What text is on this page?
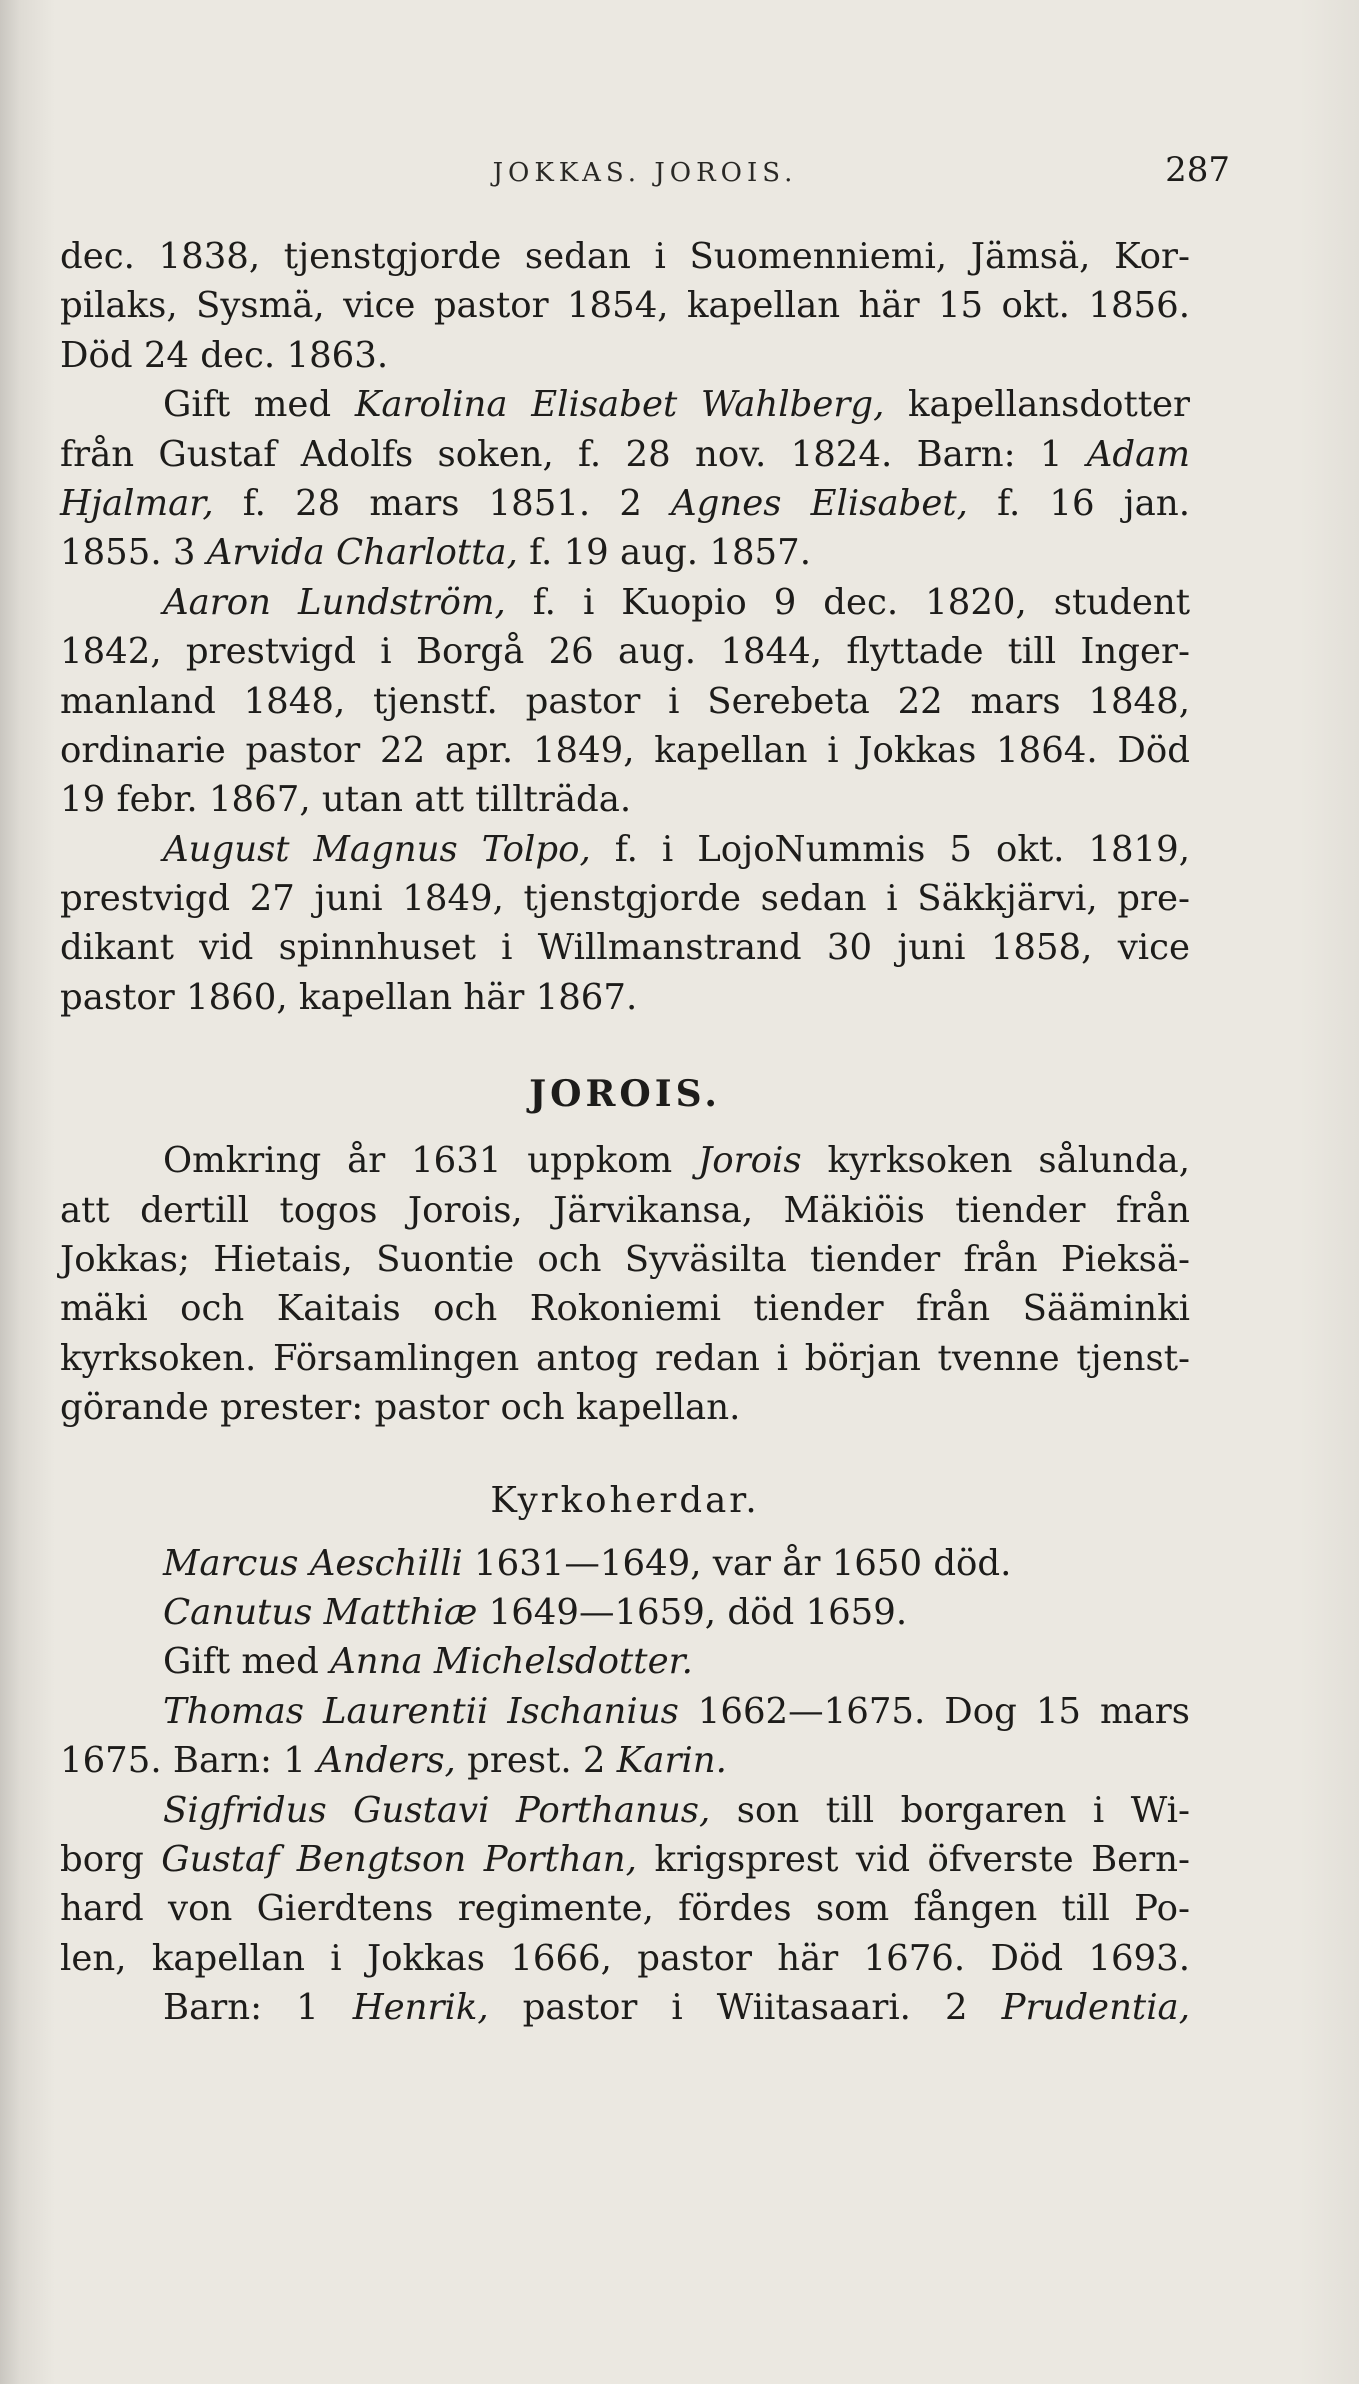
JOKKAS. JOROIS.	287
dec. 1838, tjenstgjorde sedan i Suomenniemi, Jämsä, Kor-
pilaks, Sysmä, vice pastor 1854, kapellan här 15 okt. 1856.
Död 24 dec. 1863.
Gift med Karolina Elisabet Wahlberg, kapellansdotter
från Gustaf Adolfs soken, f. 28 nov. 1824. Barn: 1 Adam
Hjalmar, f. 28 mars 1851. 2 Agnes Elisabet, f. 16 jan.
1855. 3 Arvida Charlotta, f. 19 aug. 1857.
Aaron Lundström, f. i Kuopio 9 dec. 1820, student
1842, prestvigd i Borgå 26 aug. 1844, flyttade till Inger-
manland 1848, tjenstf. pastor i Serebeta 22 mars 1848,
ordinarie pastor 22 apr. 1849, kapellan i Jokkas 1864. Död
19 febr. 1867, utan att tillträda.
August Magnus Tolpo, f. i LojoNummis 5 okt. 1819,
prestvigd 27 juni 1849, tjenstgjorde sedan i Säkkjärvi, pre-
dikant vid spinnhuset i Willmanstrand 30 juni 1858, vice
pastor 1860, kapellan här 1867.
JOROIS.
Omkring år 1631 uppkom Jorois kyrksoken sålunda,
att dertill togos Jorois, Järvikansa, Mäkiöis tiender från
Jokkas; Hietais, Suontie och Syväsilta tiender från Pieksä-
mäki och Kaitais och Rokoniemi tiender från Sääminki
kyrksoken. Församlingen antog redan i början tvenne tjenst-
görande prester: pastor och kapellan.
Kyrkoherdar.
Marcus Aeschilli 1631—1649, var år 1650 död.
Canutus Matthiæ 1649—1659, död 1659.
Gift med Anna Michelsdotter.
Thomas Laurentii Ischanius 1662—1675. Dog 15 mars
1675. Barn: 1 Anders, prest. 2 Karin.
Sigfridus Gustavi Porthanus, son till borgaren i Wi-
borg Gustaf Bengtson Porthan, krigsprest vid öfverste Bern-
hard von Gierdtens regimente, fördes som fången till Po-
len, kapellan i Jokkas 1666, pastor här 1676. Död 1693.
Barn: 1 Henrik, pastor i Wiitasaari. 2 Prudentia,
